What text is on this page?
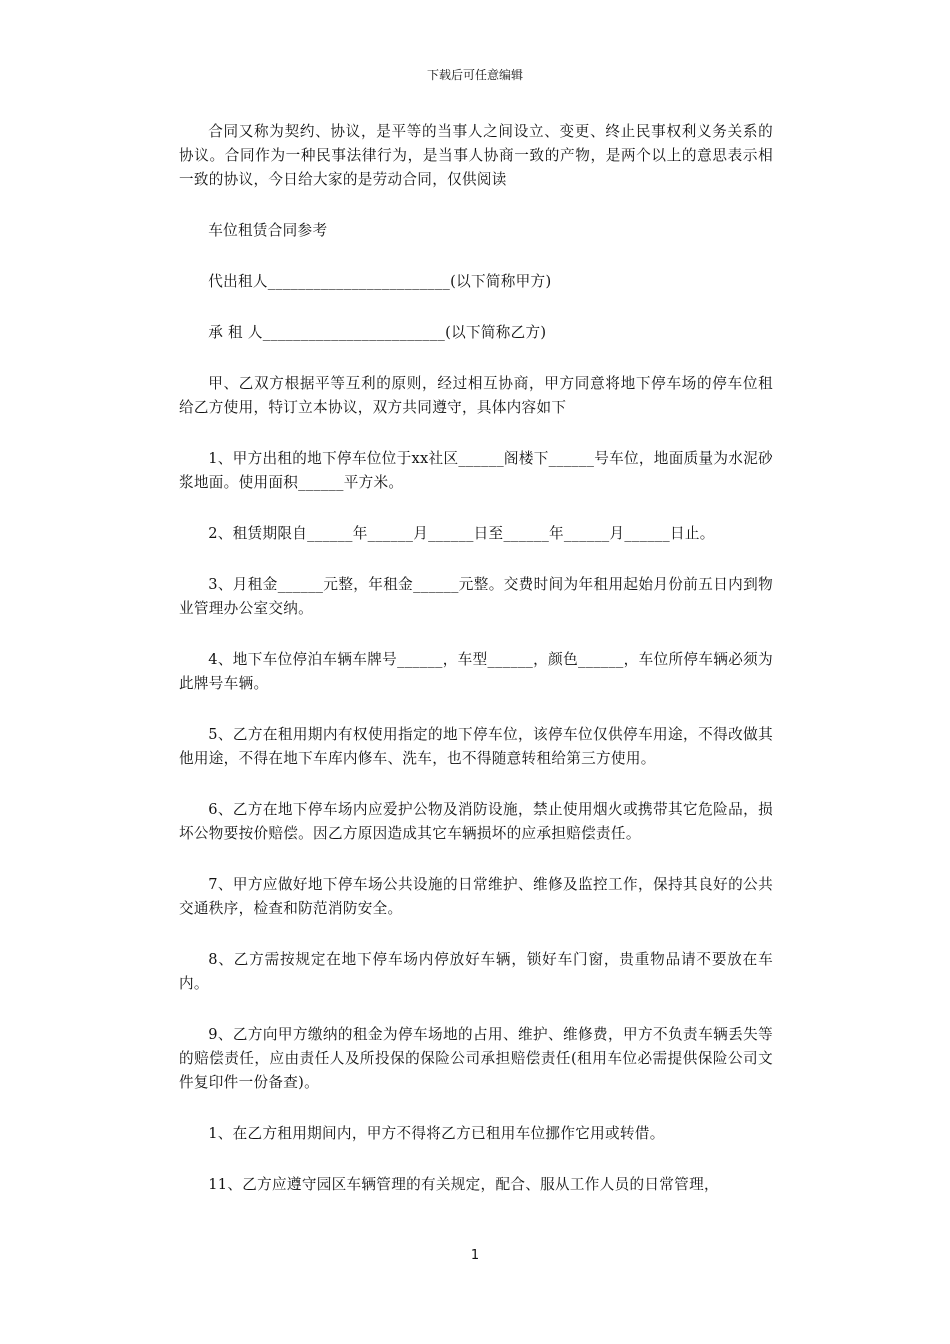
下载后可任意编辑

合同又称为契约、协议，是平等的当事人之间设立、变更、终止民事权利义务关系的协议。合同作为一种民事法律行为，是当事人协商一致的产物，是两个以上的意思表示相一致的协议，今日给大家的是劳动合同，仅供阅读

车位租赁合同参考

代出租人________________________(以下简称甲方)

承 租 人________________________(以下简称乙方)

甲、乙双方根据平等互利的原则，经过相互协商，甲方同意将地下停车场的停车位租给乙方使用，特订立本协议，双方共同遵守，具体内容如下

1、甲方出租的地下停车位位于xx社区______阁楼下______号车位，地面质量为水泥砂浆地面。使用面积______平方米。

2、租赁期限自______年______月______日至______年______月______日止。

3、月租金______元整，年租金______元整。交费时间为年租用起始月份前五日内到物业管理办公室交纳。

4、地下车位停泊车辆车牌号______，车型______，颜色______，车位所停车辆必须为此牌号车辆。

5、乙方在租用期内有权使用指定的地下停车位，该停车位仅供停车用途，不得改做其他用途，不得在地下车库内修车、洗车，也不得随意转租给第三方使用。

6、乙方在地下停车场内应爱护公物及消防设施，禁止使用烟火或携带其它危险品，损坏公物要按价赔偿。因乙方原因造成其它车辆损坏的应承担赔偿责任。

7、甲方应做好地下停车场公共设施的日常维护、维修及监控工作，保持其良好的公共交通秩序，检查和防范消防安全。

8、乙方需按规定在地下停车场内停放好车辆，锁好车门窗，贵重物品请不要放在车内。

9、乙方向甲方缴纳的租金为停车场地的占用、维护、维修费，甲方不负责车辆丢失等的赔偿责任，应由责任人及所投保的保险公司承担赔偿责任(租用车位必需提供保险公司文件复印件一份备查)。

1、在乙方租用期间内，甲方不得将乙方已租用车位挪作它用或转借。

11、乙方应遵守园区车辆管理的有关规定，配合、服从工作人员的日常管理，

1
